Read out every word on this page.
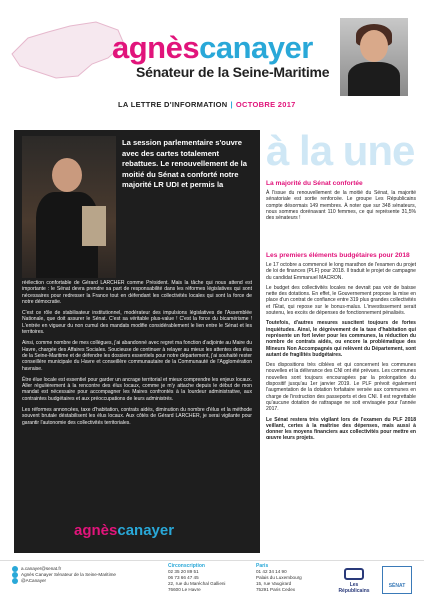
agnèscanayer
Sénateur de la Seine-Maritime
LA LETTRE D'INFORMATION | OCTOBRE 2017
La session parlementaire s'ouvre avec des cartes totalement rebattues. Le renouvellement de la moitié du Sénat a conforté notre majorité LR UDI et permis la

réélection confortable de Gérard LARCHER comme Président. Mais la tâche qui nous attend est importante : le Sénat devra prendre sa part de responsabilité dans les réformes législatives qui sont nécessaires pour redresser la France tout en défendant les collectivités locales qui sont la force de notre démocratie.

C'est ce rôle de stabilisateur institutionnel, modérateur des impulsions législatives de l'Assemblée Nationale, que doit assurer le Sénat. C'est sa véritable plus-value ! C'est la force du bicamérisme ! L'entrée en vigueur du non cumul des mandats modifie considérablement le lien entre le Sénat et les territoires.

Ainsi, comme nombre de mes collègues, j'ai abandonné avec regret ma fonction d'adjointe au Maire du Havre, chargée des Affaires Sociales. Soucieuse de continuer à relayer au mieux les attentes des élus de la Seine-Maritime et de défendre les dossiers essentiels pour notre département, j'ai souhaité rester conseillère municipale du Havre et conseillère communautaire de la Communauté de l'Agglomération havraise.

Être élue locale est essentiel pour garder un ancrage territorial et mieux comprendre les enjeux locaux. Aller régulièrement à la rencontre des élus locaux, comme je m'y attache depuis le début de mon mandat est nécessaire pour accompagner les Maires confrontés à la lourdeur administrative, aux contraintes budgétaires et aux préoccupations de leurs administrés.

Les réformes annoncées, taxe d'habitation, contrats aidés, diminution du nombre d'élus et la méthode souvent brutale déstabilisent les élus locaux. Aux côtés de Gérard LARCHER, je serai vigilante pour garantir l'autonomie des collectivités territoriales.

agnèscanayer
à la une
La majorité du Sénat confortée

À l'issue du renouvellement de la moitié du Sénat, la majorité sénatoriale est sortie renforcée. Le groupe Les Républicains compte désormais 149 membres. À noter que sur 348 sénateurs, nous sommes dorénavant 110 femmes, ce qui représente 31,5% des sénateurs !

Les premiers éléments budgétaires pour 2018

Le 17 octobre a commencé le long marathon de l'examen du projet de loi de finances (PLF) pour 2018. Il traduit le projet de campagne du candidat Emmanuel MACRON.

Le budget des collectivités locales ne devrait pas voir de baisse nette des dotations. En effet, le Gouvernement propose la mise en place d'un contrat de confiance entre 319 plus grandes collectivités et l'État, qui repose sur le bonus-malus. L'investissement serait soutenu, les excès de dépenses de fonctionnement pénalisés.

Toutefois, d'autres mesures suscitent toujours de fortes inquiétudes. Ainsi, le dégrèvement de la taxe d'habitation qui représente un fort levier pour les communes, la réduction du nombre de contrats aidés, ou encore la problématique des Mineurs Non Accompagnés qui relèvent du Département, sont autant de fragilités budgétaires.

Des dispositions très ciblées et qui concernent les communes nouvelles et la délivrance des CNI ont été prévues. Les communes nouvelles sont toujours encouragées par la prolongation du dispositif jusqu'au 1er janvier 2019. Le PLF prévoit également l'augmentation de la dotation forfaitaire versée aux communes en charge de l'instruction des passeports et des CNI. Il est regrettable qu'aucune dotation de rattrapage ne soit envisagée pour l'année 2017.

Le Sénat restera très vigilant lors de l'examen du PLF 2018 veillant, certes à la maîtrise des dépenses, mais aussi à donner les moyens financiers aux collectivités pour mettre en œuvre leurs projets.

a.canayer@senat.fr
Agnès Canayer Sénateur de la Seine-Maritime
@ACanayer
Circonscription
02 35 20 89 51
06 73 66 47 45
22, rue du Maréchal Gallieni
76600 Le Havre
Paris
01 42 34 14 90
Palais du Luxembourg
15, rue Vaugirard
75291 Paris Cedex
Les Républicains
SÉNAT
